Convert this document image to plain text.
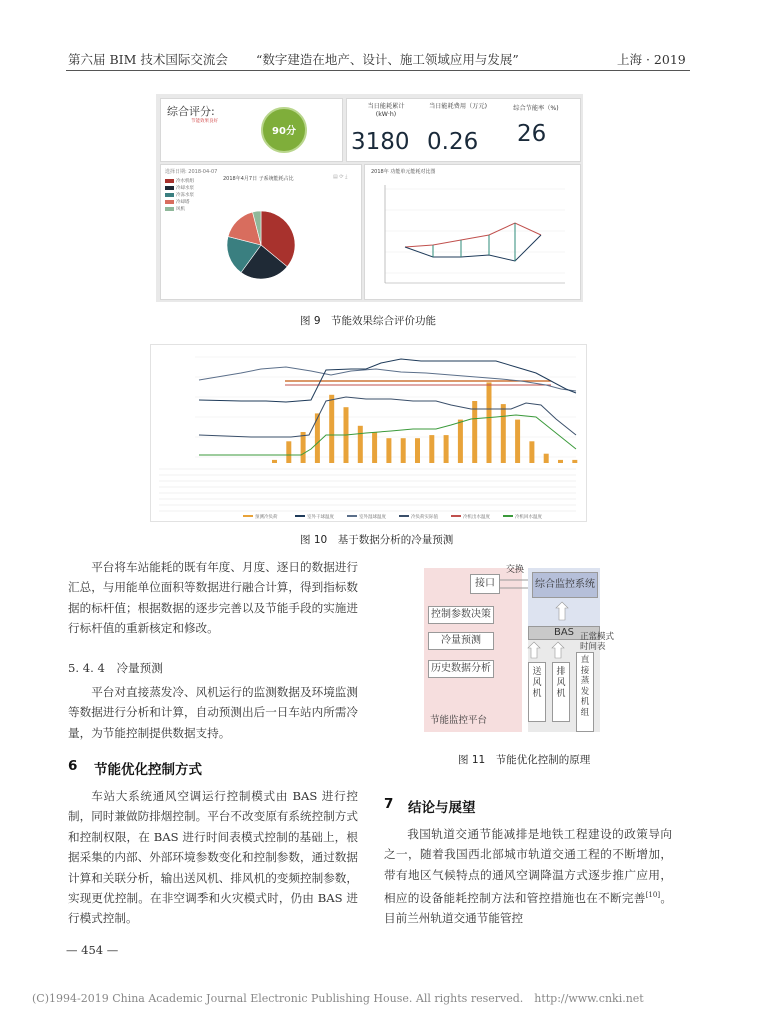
第六届 BIM 技术国际交流会 “数字建造在地产、设计、施工领域应用与发展”	上海 · 2019
综合评分:
节能效果良好
90分
当日能耗累计
(kW·h)
3180
当日能耗费用（万元)
0.26
综合节能率（%)
26
选择日期: 2018-04-07
2018年4月7日 子系统能耗占比	▤ ⟳ ⤓
冷水机组
冷却水泵
冷冻水泵
冷却塔
风机
2018年 功能单元能耗对比图
图 9　节能效果综合评价功能
预测冷负荷	室外干球温度	室外湿球温度	冷负荷实际值	冷机出水温度	冷机回水温度
图 10　基于数据分析的冷量预测

平台将车站能耗的既有年度、月度、逐日的数据进行汇总，与用能单位面积等数据进行融合计算，得到指标数据的标杆值；根据数据的逐步完善以及节能手段的实施进行标杆值的重新核定和修改。

5. 4. 4　冷量预测

平台对直接蒸发冷、风机运行的监测数据及环境监测等数据进行分析和计算，自动预测出后一日车站内所需冷量，为节能控制提供数据支持。

6 节能优化控制方式

车站大系统通风空调运行控制模式由 BAS 进行控制，同时兼做防排烟控制。平台不改变原有系统控制方式和控制权限，在 BAS 进行时间表模式控制的基础上，根据采集的内部、外部环境参数变化和控制参数，通过数据计算和关联分析，输出送风机、排风机的变频控制参数，实现更优控制。在非空调季和火灾模式时，仍由 BAS 进行模式控制。

交换
接口	综合监控系统
控制参数决策
冷量预测
历史数据分析
节能监控平台
BAS
送
风
机
排
风
机
直
接
蒸
发
机
组
正常模式
时间表
图 11　节能优化控制的原理
7 结论与展望

我国轨道交通节能减排是地铁工程建设的政策导向之一，随着我国西北部城市轨道交通工程的不断增加，带有地区气候特点的通风空调降温方式逐步推广应用，相应的设备能耗控制方法和管控措施也在不断完善[10]。目前兰州轨道交通节能管控

— 454 —
(C)1994-2019 China Academic Journal Electronic Publishing House. All rights reserved.　http://www.cnki.net
